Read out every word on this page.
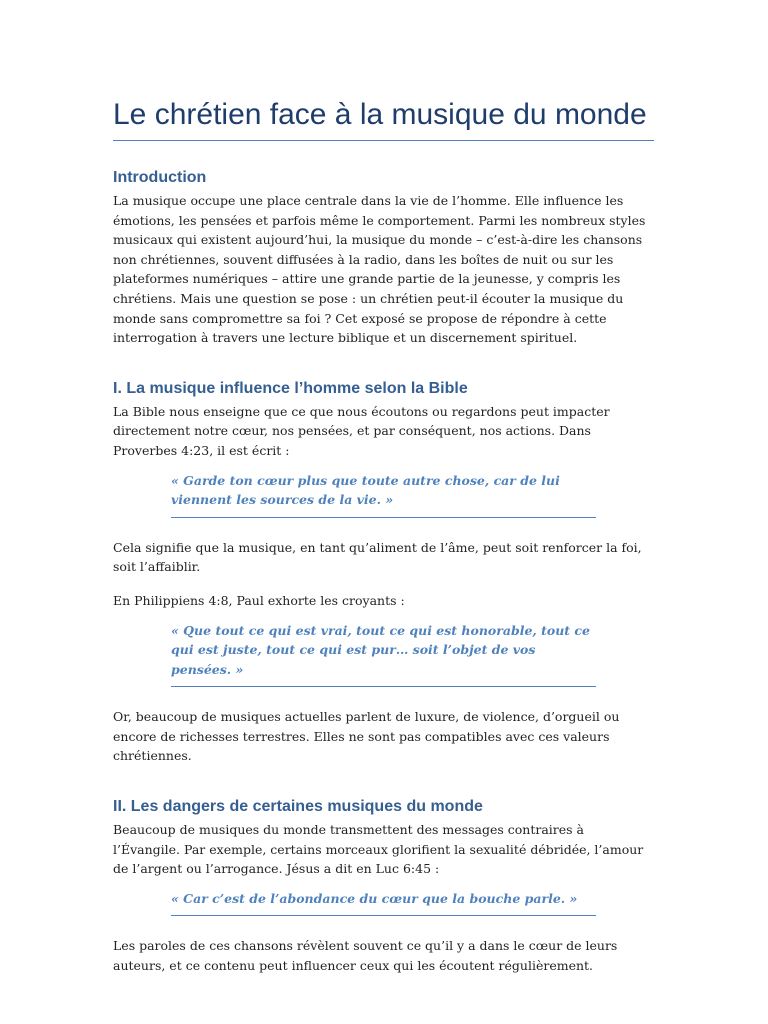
Le chrétien face à la musique du monde
Introduction

La musique occupe une place centrale dans la vie de l’homme. Elle influence les émotions, les pensées et parfois même le comportement. Parmi les nombreux styles musicaux qui existent aujourd’hui, la musique du monde – c’est-à-dire les chansons non chrétiennes, souvent diffusées à la radio, dans les boîtes de nuit ou sur les plateformes numériques – attire une grande partie de la jeunesse, y compris les chrétiens. Mais une question se pose : un chrétien peut-il écouter la musique du monde sans compromettre sa foi ? Cet exposé se propose de répondre à cette interrogation à travers une lecture biblique et un discernement spirituel.

I. La musique influence l’homme selon la Bible

La Bible nous enseigne que ce que nous écoutons ou regardons peut impacter directement notre cœur, nos pensées, et par conséquent, nos actions. Dans Proverbes 4:23, il est écrit :

« Garde ton cœur plus que toute autre chose, car de lui viennent les sources de la vie. »

Cela signifie que la musique, en tant qu’aliment de l’âme, peut soit renforcer la foi, soit l’affaiblir.

En Philippiens 4:8, Paul exhorte les croyants :

« Que tout ce qui est vrai, tout ce qui est honorable, tout ce qui est juste, tout ce qui est pur… soit l’objet de vos pensées. »

Or, beaucoup de musiques actuelles parlent de luxure, de violence, d’orgueil ou encore de richesses terrestres. Elles ne sont pas compatibles avec ces valeurs chrétiennes.

II. Les dangers de certaines musiques du monde

Beaucoup de musiques du monde transmettent des messages contraires à l’Évangile. Par exemple, certains morceaux glorifient la sexualité débridée, l’amour de l’argent ou l’arrogance. Jésus a dit en Luc 6:45 :

« Car c’est de l’abondance du cœur que la bouche parle. »

Les paroles de ces chansons révèlent souvent ce qu’il y a dans le cœur de leurs auteurs, et ce contenu peut influencer ceux qui les écoutent régulièrement.
